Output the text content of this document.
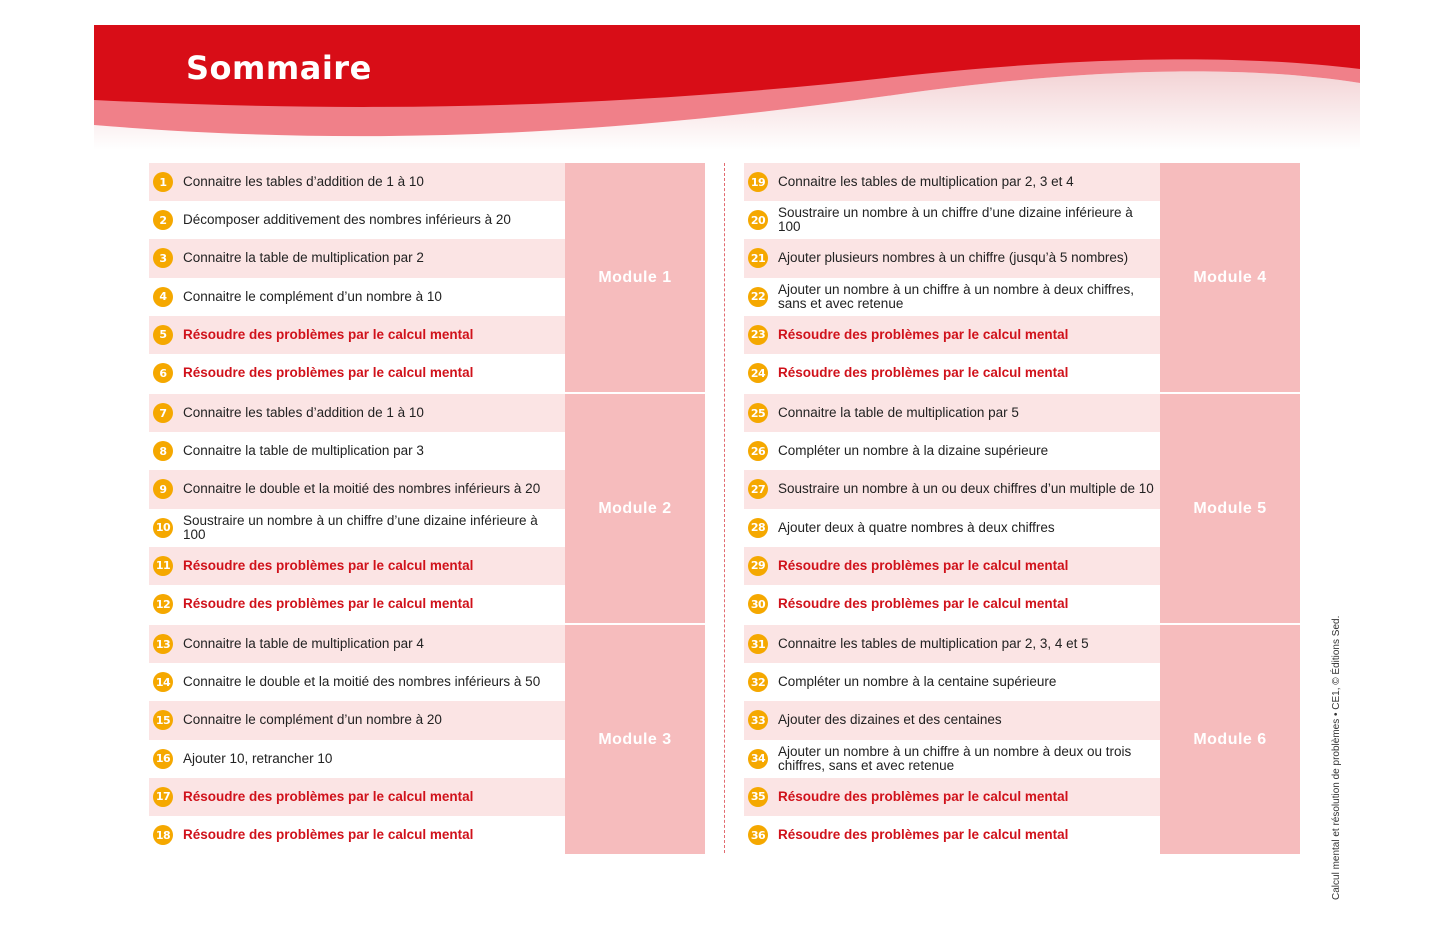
Sommaire
1	Connaitre les tables d’addition de 1 à 10
2	Décomposer additivement des nombres inférieurs à 20
3	Connaitre la table de multiplication par 2
4	Connaitre le complément d’un nombre à 10
5	Résoudre des problèmes par le calcul mental
6	Résoudre des problèmes par le calcul mental
Module 1
7	Connaitre les tables d’addition de 1 à 10
8	Connaitre la table de multiplication par 3
9	Connaitre le double et la moitié des nombres inférieurs à 20
10 Soustraire un nombre à un chiffre d’une dizaine inférieure à 100
11 Résoudre des problèmes par le calcul mental
12 Résoudre des problèmes par le calcul mental
Module 2
13 Connaitre la table de multiplication par 4
14 Connaitre le double et la moitié des nombres inférieurs à 50
15 Connaitre le complément d’un nombre à 20
16 Ajouter 10, retrancher 10
17 Résoudre des problèmes par le calcul mental
18 Résoudre des problèmes par le calcul mental
Module 3
19 Connaitre les tables de multiplication par 2, 3 et 4
20 Soustraire un nombre à un chiffre d’une dizaine inférieure à 100
21 Ajouter plusieurs nombres à un chiffre (jusqu’à 5 nombres)
22 Ajouter un nombre à un chiffre à un nombre à deux chiffres, sans et avec retenue
23 Résoudre des problèmes par le calcul mental
24 Résoudre des problèmes par le calcul mental
Module 4
25 Connaitre la table de multiplication par 5
26 Compléter un nombre à la dizaine supérieure
27 Soustraire un nombre à un ou deux chiffres d’un multiple de 10
28 Ajouter deux à quatre nombres à deux chiffres
29 Résoudre des problèmes par le calcul mental
30 Résoudre des problèmes par le calcul mental
Module 5
31 Connaitre les tables de multiplication par 2, 3, 4 et 5
32 Compléter un nombre à la centaine supérieure
33 Ajouter des dizaines et des centaines
34 Ajouter un nombre à un chiffre à un nombre à deux ou trois chiffres, sans et avec retenue
35 Résoudre des problèmes par le calcul mental
36 Résoudre des problèmes par le calcul mental
Module 6	Calcul mental et résolution de problèmes • CE1, © Éditions Sed.
